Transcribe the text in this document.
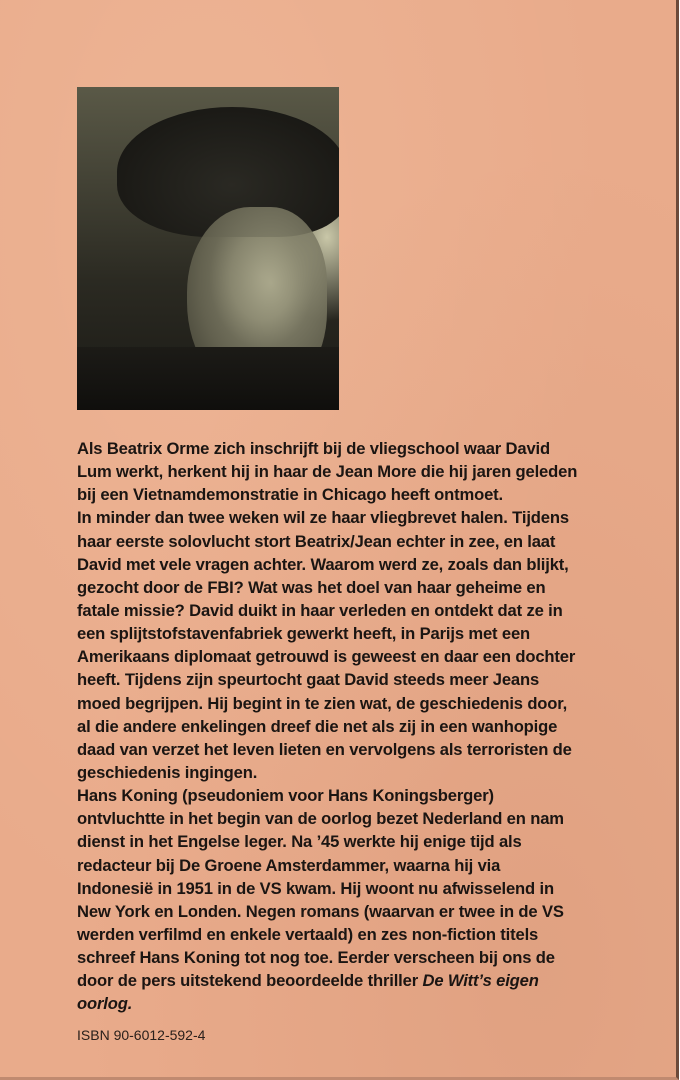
Als Beatrix Orme zich inschrijft bij de vliegschool waar David
Lum werkt, herkent hij in haar de Jean More die hij jaren geleden
bij een Vietnamdemonstratie in Chicago heeft ontmoet.
In minder dan twee weken wil ze haar vliegbrevet halen. Tijdens
haar eerste solovlucht stort Beatrix/Jean echter in zee, en laat
David met vele vragen achter. Waarom werd ze, zoals dan blijkt,
gezocht door de FBI? Wat was het doel van haar geheime en
fatale missie? David duikt in haar verleden en ontdekt dat ze in
een splijtstofstavenfabriek gewerkt heeft, in Parijs met een
Amerikaans diplomaat getrouwd is geweest en daar een dochter
heeft. Tijdens zijn speurtocht gaat David steeds meer Jeans
moed begrijpen. Hij begint in te zien wat, de geschiedenis door,
al die andere enkelingen dreef die net als zij in een wanhopige
daad van verzet het leven lieten en vervolgens als terroristen de
geschiedenis ingingen.
Hans Koning (pseudoniem voor Hans Koningsberger)
ontvluchtte in het begin van de oorlog bezet Nederland en nam
dienst in het Engelse leger. Na ’45 werkte hij enige tijd als
redacteur bij De Groene Amsterdammer, waarna hij via
Indonesië in 1951 in de VS kwam. Hij woont nu afwisselend in
New York en Londen. Negen romans (waarvan er twee in de VS
werden verfilmd en enkele vertaald) en zes non-fiction titels
schreef Hans Koning tot nog toe. Eerder verscheen bij ons de
door de pers uitstekend beoordeelde thriller De Witt’s eigen
oorlog.
ISBN 90-6012-592-4
